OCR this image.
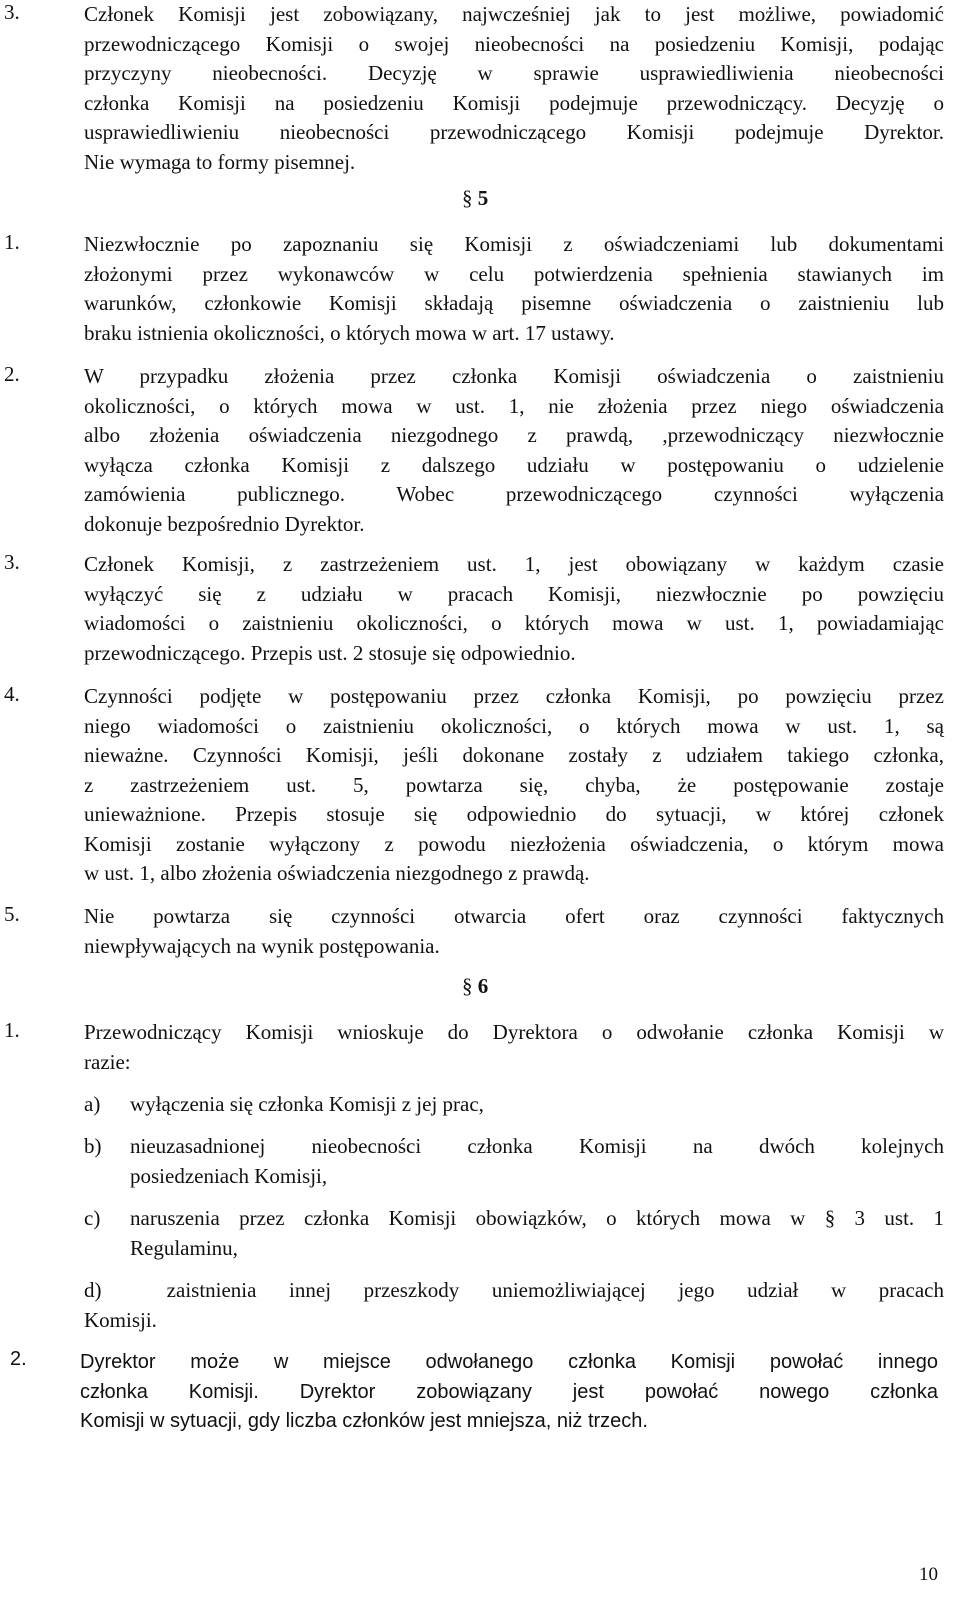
3.	Członek Komisji jest zobowiązany, najwcześniej jak to jest możliwe, powiadomić
przewodniczącego Komisji o swojej nieobecności na posiedzeniu Komisji, podając
przyczyny nieobecności. Decyzję w sprawie usprawiedliwienia nieobecności
członka Komisji na posiedzeniu Komisji podejmuje przewodniczący. Decyzję o
usprawiedliwieniu nieobecności przewodniczącego Komisji podejmuje Dyrektor.
Nie wymaga to formy pisemnej.
§ 5
1.	Niezwłocznie po zapoznaniu się Komisji z oświadczeniami lub dokumentami
złożonymi przez wykonawców w celu potwierdzenia spełnienia stawianych im
warunków, członkowie Komisji składają pisemne oświadczenia o zaistnieniu lub
braku istnienia okoliczności, o których mowa w art. 17 ustawy.
2.	W przypadku złożenia przez członka Komisji oświadczenia o zaistnieniu
okoliczności, o których mowa w ust. 1, nie złożenia przez niego oświadczenia
albo złożenia oświadczenia niezgodnego z prawdą, ,przewodniczący niezwłocznie
wyłącza członka Komisji z dalszego udziału w postępowaniu o udzielenie
zamówienia publicznego. Wobec przewodniczącego czynności wyłączenia
dokonuje bezpośrednio Dyrektor.
3.	Członek Komisji, z zastrzeżeniem ust. 1, jest obowiązany w każdym czasie
wyłączyć się z udziału w pracach Komisji, niezwłocznie po powzięciu
wiadomości o zaistnieniu okoliczności, o których mowa w ust. 1, powiadamiając
przewodniczącego. Przepis ust. 2 stosuje się odpowiednio.
4.	Czynności podjęte w postępowaniu przez członka Komisji, po powzięciu przez
niego wiadomości o zaistnieniu okoliczności, o których mowa w ust. 1, są
nieważne. Czynności Komisji, jeśli dokonane zostały z udziałem takiego członka,
z zastrzeżeniem ust. 5, powtarza się, chyba, że postępowanie zostaje
unieważnione. Przepis stosuje się odpowiednio do sytuacji, w której członek
Komisji zostanie wyłączony z powodu niezłożenia oświadczenia, o którym mowa
w ust. 1, albo złożenia oświadczenia niezgodnego z prawdą.
5.	Nie powtarza się czynności otwarcia ofert oraz czynności faktycznych
niewpływających na wynik postępowania.
§ 6
1.	Przewodniczący Komisji wnioskuje do Dyrektora o odwołanie członka Komisji w
razie:
a) wyłączenia się członka Komisji z jej prac,
b) nieuzasadnionej nieobecności członka Komisji na dwóch kolejnych
posiedzeniach Komisji,
c) naruszenia przez członka Komisji obowiązków, o których mowa w § 3 ust. 1
Regulaminu,
d)	zaistnienia innej przeszkody uniemożliwiającej jego udział w pracach
Komisji.
2.	Dyrektor może w miejsce odwołanego członka Komisji powołać innego
członka Komisji. Dyrektor zobowiązany jest powołać nowego członka
Komisji w sytuacji, gdy liczba członków jest mniejsza, niż trzech.
10
